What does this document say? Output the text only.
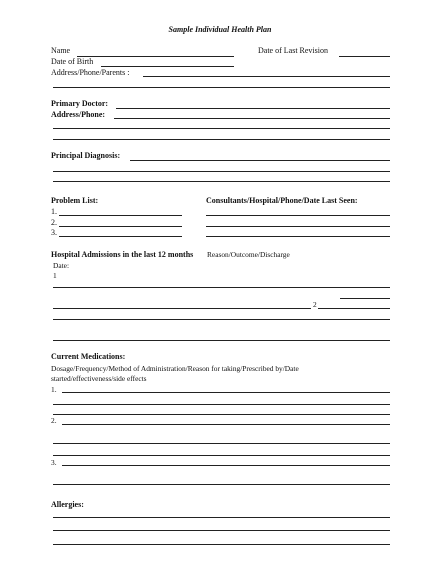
Sample Individual Health Plan
Name	Date of Last Revision
Date of Birth
Address/Phone/Parents :
Primary Doctor:
Address/Phone:
Principal Diagnosis:
Problem List:	Consultants/Hospital/Phone/Date Last Seen:
1.
2.
3.
Hospital Admissions in the last 12 months Reason/Outcome/Discharge
Date:
1
2
Current Medications:
Dosage/Frequency/Method of Administration/Reason for taking/Prescribed by/Date
started/effectiveness/side effects
1.
2.
3.
Allergies:
